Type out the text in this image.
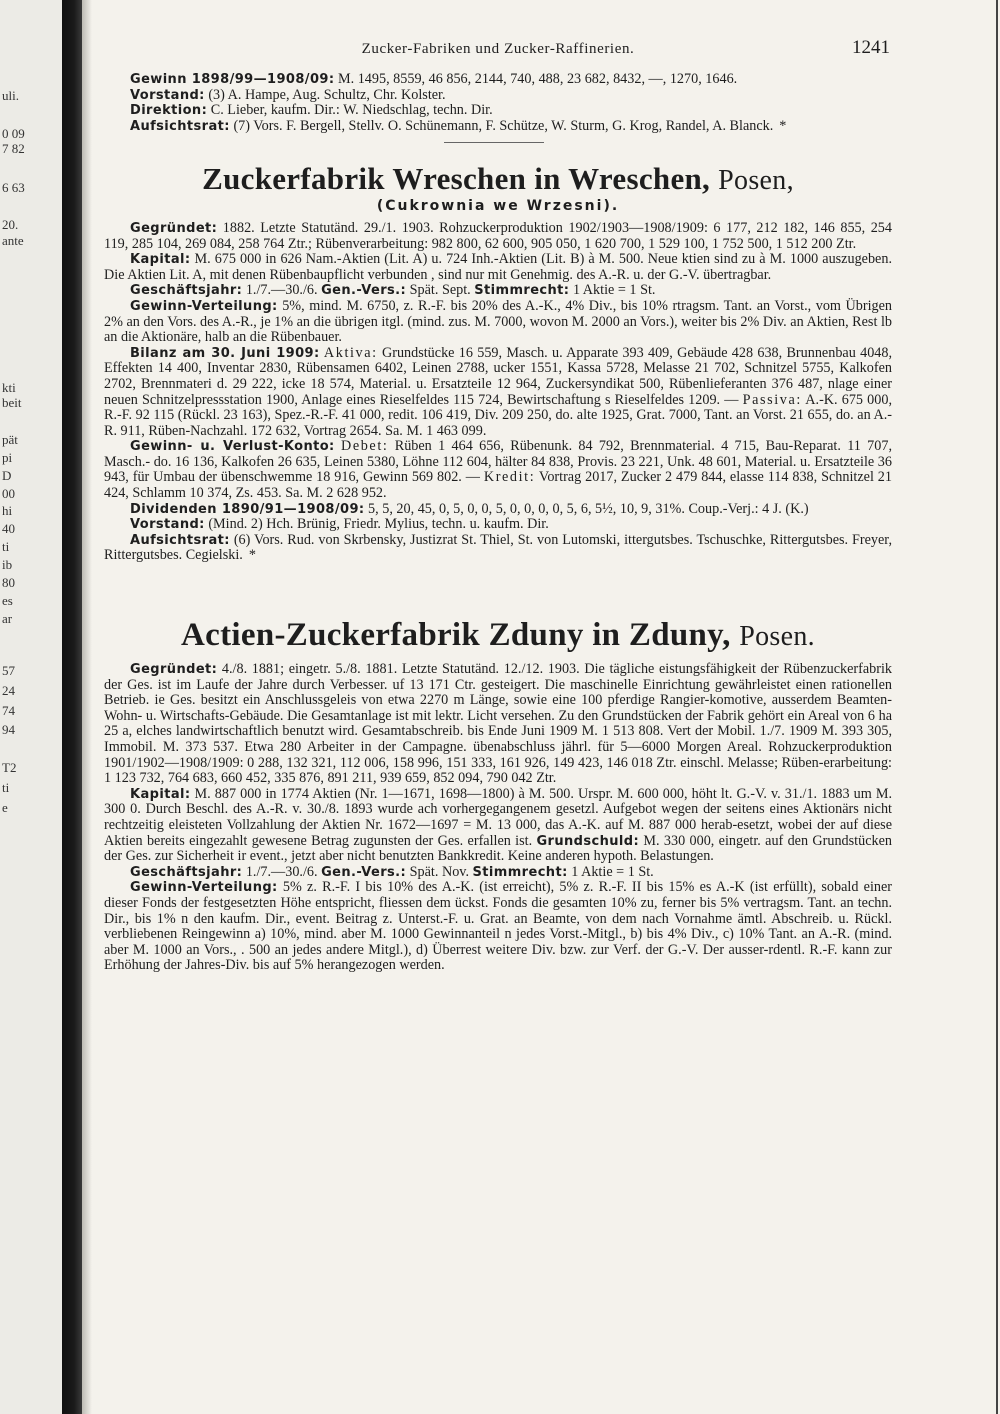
uli.
0 09
7 82
6 63
20.
ante
kti
beit
pät
pi
D
00
hi
40
ti
ib
80
es
ar
57
24
74
94
T2
ti
e
Zucker-Fabriken und Zucker-Raffinerien.	1241

Gewinn 1898/99—1908/09: M. 1495, 8559, 46 856, 2144, 740, 488, 23 682, 8432, —, 1270, 1646.

Vorstand: (3) A. Hampe, Aug. Schultz, Chr. Kolster.

Direktion: C. Lieber, kaufm. Dir.: W. Niedschlag, techn. Dir.

Aufsichtsrat: (7) Vors. F. Bergell, Stellv. O. Schünemann, F. Schütze, W. Sturm, G. Krog, Randel, A. Blanck. *

Zuckerfabrik Wreschen in Wreschen, Posen,
(Cukrownia we Wrzesni).

Gegründet: 1882. Letzte Statutänd. 29./1. 1903. Rohzuckerproduktion 1902/1903—1908/1909: 6 177, 212 182, 146 855, 254 119, 285 104, 269 084, 258 764 Ztr.; Rübenverarbeitung: 982 800, 62 600, 905 050, 1 620 700, 1 529 100, 1 752 500, 1 512 200 Ztr.

Kapital: M. 675 000 in 626 Nam.-Aktien (Lit. A) u. 724 Inh.-Aktien (Lit. B) à M. 500. Neue ktien sind zu à M. 1000 auszugeben. Die Aktien Lit. A, mit denen Rübenbaupflicht verbunden , sind nur mit Genehmig. des A.-R. u. der G.-V. übertragbar.

Geschäftsjahr: 1./7.—30./6. Gen.-Vers.: Spät. Sept. Stimmrecht: 1 Aktie = 1 St.

Gewinn-Verteilung: 5%, mind. M. 6750, z. R.-F. bis 20% des A.-K., 4% Div., bis 10% rtragsm. Tant. an Vorst., vom Übrigen 2% an den Vors. des A.-R., je 1% an die übrigen itgl. (mind. zus. M. 7000, wovon M. 2000 an Vors.), weiter bis 2% Div. an Aktien, Rest lb an die Aktionäre, halb an die Rübenbauer.

Bilanz am 30. Juni 1909: Aktiva: Grundstücke 16 559, Masch. u. Apparate 393 409, Gebäude 428 638, Brunnenbau 4048, Effekten 14 400, Inventar 2830, Rübensamen 6402, Leinen 2788, ucker 1551, Kassa 5728, Melasse 21 702, Schnitzel 5755, Kalkofen 2702, Brennmateri d. 29 222, icke 18 574, Material. u. Ersatzteile 12 964, Zuckersyndikat 500, Rübenlieferanten 376 487, nlage einer neuen Schnitzelpressstation 1900, Anlage eines Rieselfeldes 115 724, Bewirtschaftung s Rieselfeldes 1209. — Passiva: A.-K. 675 000, R.-F. 92 115 (Rückl. 23 163), Spez.-R.-F. 41 000, redit. 106 419, Div. 209 250, do. alte 1925, Grat. 7000, Tant. an Vorst. 21 655, do. an A.-R. 911, Rüben-Nachzahl. 172 632, Vortrag 2654. Sa. M. 1 463 099.

Gewinn- u. Verlust-Konto: Debet: Rüben 1 464 656, Rübenunk. 84 792, Brennmaterial. 4 715, Bau-Reparat. 11 707, Masch.- do. 16 136, Kalkofen 26 635, Leinen 5380, Löhne 112 604, hälter 84 838, Provis. 23 221, Unk. 48 601, Material. u. Ersatzteile 36 943, für Umbau der übenschwemme 18 916, Gewinn 569 802. — Kredit: Vortrag 2017, Zucker 2 479 844, elasse 114 838, Schnitzel 21 424, Schlamm 10 374, Zs. 453. Sa. M. 2 628 952.

Dividenden 1890/91—1908/09: 5, 5, 20, 45, 0, 5, 0, 0, 5, 0, 0, 0, 0, 5, 6, 5½, 10, 9, 31%. Coup.-Verj.: 4 J. (K.)

Vorstand: (Mind. 2) Hch. Brünig, Friedr. Mylius, techn. u. kaufm. Dir.

Aufsichtsrat: (6) Vors. Rud. von Skrbensky, Justizrat St. Thiel, St. von Lutomski, ittergutsbes. Tschuschke, Rittergutsbes. Freyer, Rittergutsbes. Cegielski. *

Actien-Zuckerfabrik Zduny in Zduny, Posen.

Gegründet: 4./8. 1881; eingetr. 5./8. 1881. Letzte Statutänd. 12./12. 1903. Die tägliche eistungsfähigkeit der Rübenzuckerfabrik der Ges. ist im Laufe der Jahre durch Verbesser. uf 13 171 Ctr. gesteigert. Die maschinelle Einrichtung gewährleistet einen rationellen Betrieb. ie Ges. besitzt ein Anschlussgeleis von etwa 2270 m Länge, sowie eine 100 pferdige Rangier-komotive, ausserdem Beamten-Wohn- u. Wirtschafts-Gebäude. Die Gesamtanlage ist mit lektr. Licht versehen. Zu den Grundstücken der Fabrik gehört ein Areal von 6 ha 25 a, elches landwirtschaftlich benutzt wird. Gesamtabschreib. bis Ende Juni 1909 M. 1 513 808. Vert der Mobil. 1./7. 1909 M. 393 305, Immobil. M. 373 537. Etwa 280 Arbeiter in der Campagne. übenabschluss jährl. für 5—6000 Morgen Areal. Rohzuckerproduktion 1901/1902—1908/1909: 0 288, 132 321, 112 006, 158 996, 151 333, 161 926, 149 423, 146 018 Ztr. einschl. Melasse; Rüben-erarbeitung: 1 123 732, 764 683, 660 452, 335 876, 891 211, 939 659, 852 094, 790 042 Ztr.

Kapital: M. 887 000 in 1774 Aktien (Nr. 1—1671, 1698—1800) à M. 500. Urspr. M. 600 000, höht lt. G.-V. v. 31./1. 1883 um M. 300 0. Durch Beschl. des A.-R. v. 30./8. 1893 wurde ach vorhergegangenem gesetzl. Aufgebot wegen der seitens eines Aktionärs nicht rechtzeitig eleisteten Vollzahlung der Aktien Nr. 1672—1697 = M. 13 000, das A.-K. auf M. 887 000 herab-esetzt, wobei der auf diese Aktien bereits eingezahlt gewesene Betrag zugunsten der Ges. erfallen ist. Grundschuld: M. 330 000, eingetr. auf den Grundstücken der Ges. zur Sicherheit ir event., jetzt aber nicht benutzten Bankkredit. Keine anderen hypoth. Belastungen.

Geschäftsjahr: 1./7.—30./6. Gen.-Vers.: Spät. Nov. Stimmrecht: 1 Aktie = 1 St.

Gewinn-Verteilung: 5% z. R.-F. I bis 10% des A.-K. (ist erreicht), 5% z. R.-F. II bis 15% es A.-K (ist erfüllt), sobald einer dieser Fonds der festgesetzten Höhe entspricht, fliessen dem ückst. Fonds die gesamten 10% zu, ferner bis 5% vertragsm. Tant. an techn. Dir., bis 1% n den kaufm. Dir., event. Beitrag z. Unterst.-F. u. Grat. an Beamte, von dem nach Vornahme ämtl. Abschreib. u. Rückl. verbliebenen Reingewinn a) 10%, mind. aber M. 1000 Gewinnanteil n jedes Vorst.-Mitgl., b) bis 4% Div., c) 10% Tant. an A.-R. (mind. aber M. 1000 an Vors., . 500 an jedes andere Mitgl.), d) Überrest weitere Div. bzw. zur Verf. der G.-V. Der ausser-rdentl. R.-F. kann zur Erhöhung der Jahres-Div. bis auf 5% herangezogen werden.
